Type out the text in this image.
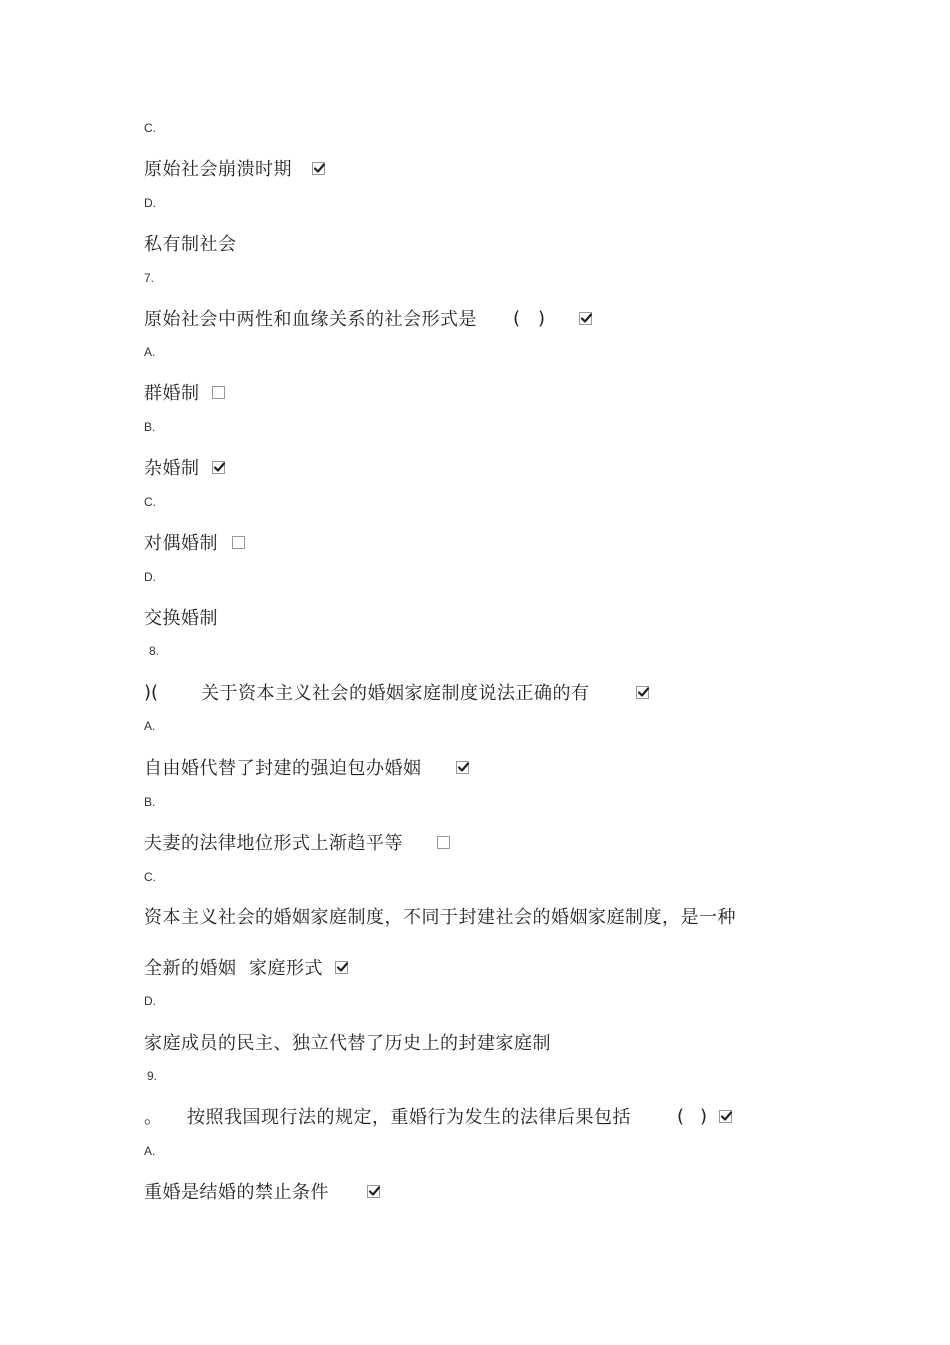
C.
原始社会崩溃时期
D.
私有制社会
7.
原始社会中两性和血缘关系的社会形式是 ( )
A.
群婚制
B.
杂婚制
C.
对偶婚制
D.
交换婚制
8.
)( 关于资本主义社会的婚姻家庭制度说法正确的有
A.
自由婚代替了封建的强迫包办婚姻
B.
夫妻的法律地位形式上渐趋平等
C.
资本主义社会的婚姻家庭制度，不同于封建社会的婚姻家庭制度，是一种
全新的婚姻  家庭形式
D.
家庭成员的民主、独立代替了历史上的封建家庭制
9.
。 按照我国现行法的规定，重婚行为发生的法律后果包括	( )
A.
重婚是结婚的禁止条件
